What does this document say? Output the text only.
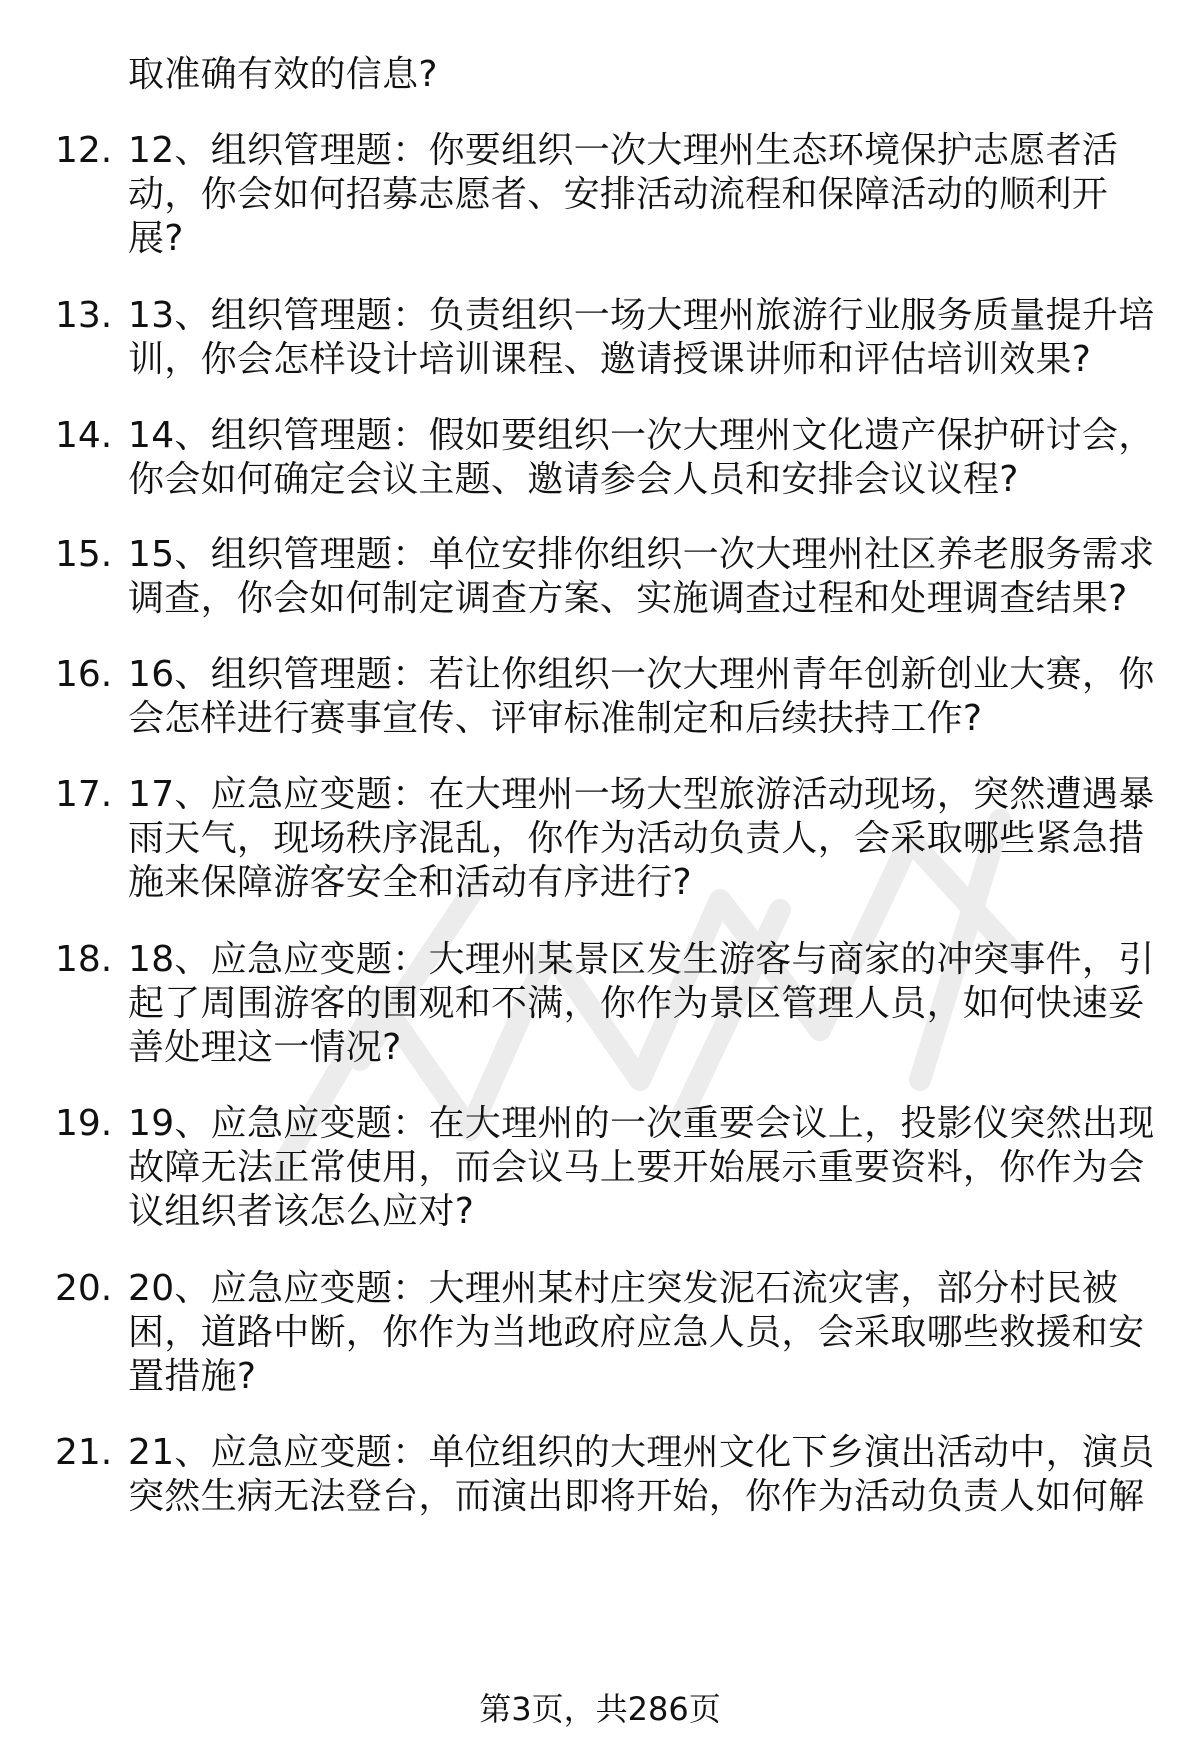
取准确有效的信息?
12. 12、组织管理题：你要组织一次大理州生态环境保护志愿者活
动，你会如何招募志愿者、安排活动流程和保障活动的顺利开
展?
13. 13、组织管理题：负责组织一场大理州旅游行业服务质量提升培
训，你会怎样设计培训课程、邀请授课讲师和评估培训效果?
14. 14、组织管理题：假如要组织一次大理州文化遗产保护研讨会，
你会如何确定会议主题、邀请参会人员和安排会议议程?
15. 15、组织管理题：单位安排你组织一次大理州社区养老服务需求
调查，你会如何制定调查方案、实施调查过程和处理调查结果?
16. 16、组织管理题：若让你组织一次大理州青年创新创业大赛，你
会怎样进行赛事宣传、评审标准制定和后续扶持工作?
17. 17、应急应变题：在大理州一场大型旅游活动现场，突然遭遇暴
雨天气，现场秩序混乱，你作为活动负责人，会采取哪些紧急措
施来保障游客安全和活动有序进行?
18. 18、应急应变题：大理州某景区发生游客与商家的冲突事件，引
起了周围游客的围观和不满，你作为景区管理人员，如何快速妥
善处理这一情况?
19. 19、应急应变题：在大理州的一次重要会议上，投影仪突然出现
故障无法正常使用，而会议马上要开始展示重要资料，你作为会
议组织者该怎么应对?
20. 20、应急应变题：大理州某村庄突发泥石流灾害，部分村民被
困，道路中断，你作为当地政府应急人员，会采取哪些救援和安
置措施?
21. 21、应急应变题：单位组织的大理州文化下乡演出活动中，演员
突然生病无法登台，而演出即将开始，你作为活动负责人如何解
第3页，共286页
